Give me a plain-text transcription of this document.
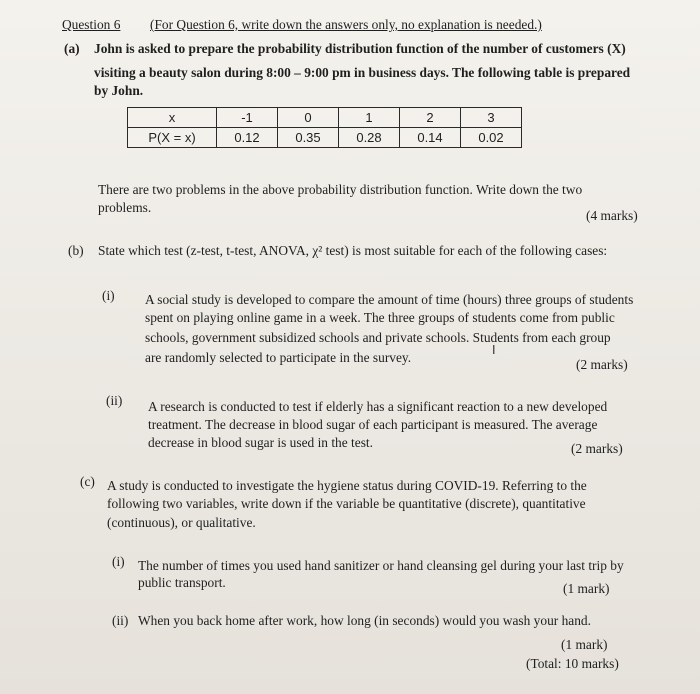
Question 6 (For Question 6, write down the answers only, no explanation is needed.)
(a) John is asked to prepare the probability distribution function of the number of customers (X)
visiting a beauty salon during 8:00 – 9:00 pm in business days. The following table is prepared
by John.
x	-1	0	1	2	3
P(X = x)	0.12	0.35	0.28	0.14	0.02
There are two problems in the above probability distribution function. Write down the two
problems.
(4 marks)
(b) State which test (z-test, t-test, ANOVA, χ² test) is most suitable for each of the following cases:
(i) A social study is developed to compare the amount of time (hours) three groups of students
spent on playing online game in a week. The three groups of students come from public
schools, government subsidized schools and private schools. Students from each group
are randomly selected to participate in the survey.	(2 marks)
I
(ii) A research is conducted to test if elderly has a significant reaction to a new developed
treatment. The decrease in blood sugar of each participant is measured. The average
decrease in blood sugar is used in the test.	(2 marks)
(c) A study is conducted to investigate the hygiene status during COVID-19. Referring to the
following two variables, write down if the variable be quantitative (discrete), quantitative
(continuous), or qualitative.
(i) The number of times you used hand sanitizer or hand cleansing gel during your last trip by
public transport.	(1 mark)
(ii) When you back home after work, how long (in seconds) would you wash your hand.
(1 mark)
(Total: 10 marks)
